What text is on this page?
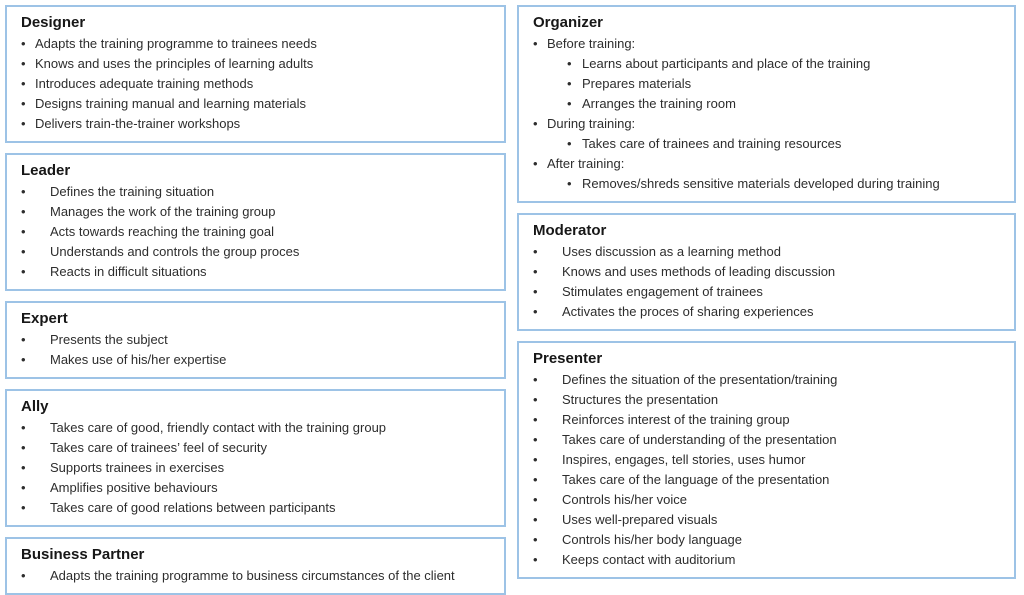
Designer
•
Adapts the training programme to trainees needs
•
Knows and uses the principles of learning adults
•
Introduces adequate training methods
•
Designs training manual and learning materials
•
Delivers train-the-trainer workshops
Leader
•
Defines the training situation
•
Manages the work of the training group
•
Acts towards reaching the training goal
•
Understands and controls the group proces
•
Reacts in difficult situations
Expert
•
Presents the subject
•
Makes use of his/her expertise
Ally
•
Takes care of good, friendly contact with the training group
•
Takes care of trainees’ feel of security
•
Supports trainees in exercises
•
Amplifies positive behaviours
•
Takes care of good relations between participants
Business Partner
•
Adapts the training programme to business circumstances of the client
Organizer
•
Before training:
•
Learns about participants and place of the training
•
Prepares materials
•
Arranges the training room
•
During training:
•
Takes care of trainees and training resources
•
After training:
•
Removes/shreds sensitive materials developed during training
Moderator
•
Uses discussion as a learning method
•
Knows and uses methods of leading discussion
•
Stimulates engagement of trainees
•
Activates the proces of sharing experiences
Presenter
•
Defines the situation of the presentation/training
•
Structures the presentation
•
Reinforces interest of the training group
•
Takes care of understanding of the presentation
•
Inspires, engages, tell stories, uses humor
•
Takes care of the language of the presentation
•
Controls his/her voice
•
Uses well-prepared visuals
•
Controls his/her body language
•
Keeps contact with auditorium
